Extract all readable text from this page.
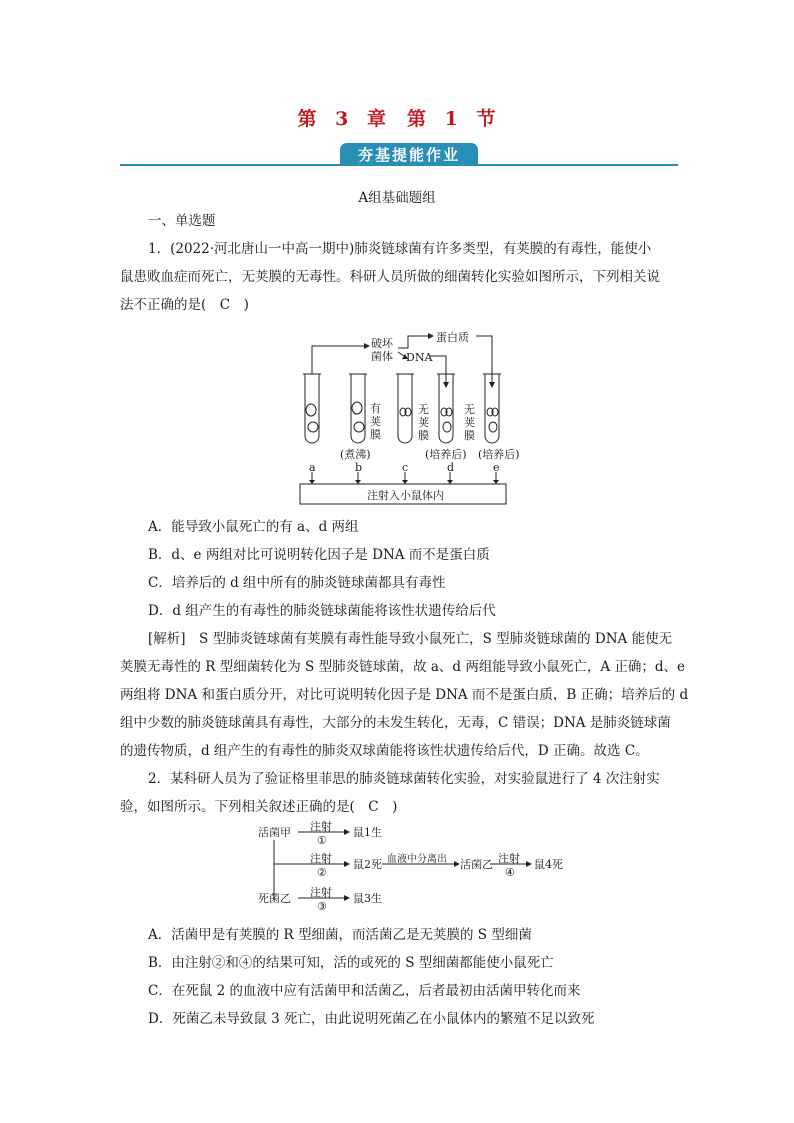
第 3 章　第 1 节
夯基提能作业
A组基础题组
一、单选题
1．(2022·河北唐山一中高一期中)肺炎链球菌有许多类型，有荚膜的有毒性，能使小
鼠患败血症而死亡，无荚膜的无毒性。科研人员所做的细菌转化实验如图所示，下列相关说
法不正确的是(　C　)
破坏
菌体
蛋白质
DNA
有
荚
膜
无
荚
膜
无
荚
膜
(煮沸)	(培养后) (培养后)
a	b	c	d	e
注射入小鼠体内
A．能导致小鼠死亡的有 a、d 两组
B．d、e 两组对比可说明转化因子是 DNA 而不是蛋白质
C．培养后的 d 组中所有的肺炎链球菌都具有毒性
D．d 组产生的有毒性的肺炎链球菌能将该性状遗传给后代
[解析]　S 型肺炎链球菌有荚膜有毒性能导致小鼠死亡，S 型肺炎链球菌的 DNA 能使无
荚膜无毒性的 R 型细菌转化为 S 型肺炎链球菌，故 a、d 两组能导致小鼠死亡，A 正确；d、e
两组将 DNA 和蛋白质分开，对比可说明转化因子是 DNA 而不是蛋白质，B 正确；培养后的 d
组中少数的肺炎链球菌具有毒性，大部分的未发生转化，无毒，C 错误；DNA 是肺炎链球菌
的遗传物质，d 组产生的有毒性的肺炎双球菌能将该性状遗传给后代，D 正确。故选 C。
2．某科研人员为了验证格里菲思的肺炎链球菌转化实验，对实验鼠进行了 4 次注射实
验，如图所示。下列相关叙述正确的是(　C　)
活菌甲 注射
①
鼠1生
注射
②
鼠2死 血液中分离出 活菌乙 注射
④
鼠4死
死菌乙 注射
③
鼠3生
A．活菌甲是有荚膜的 R 型细菌，而活菌乙是无荚膜的 S 型细菌
B．由注射②和④的结果可知，活的或死的 S 型细菌都能使小鼠死亡
C．在死鼠 2 的血液中应有活菌甲和活菌乙，后者最初由活菌甲转化而来
D．死菌乙未导致鼠 3 死亡，由此说明死菌乙在小鼠体内的繁殖不足以致死
